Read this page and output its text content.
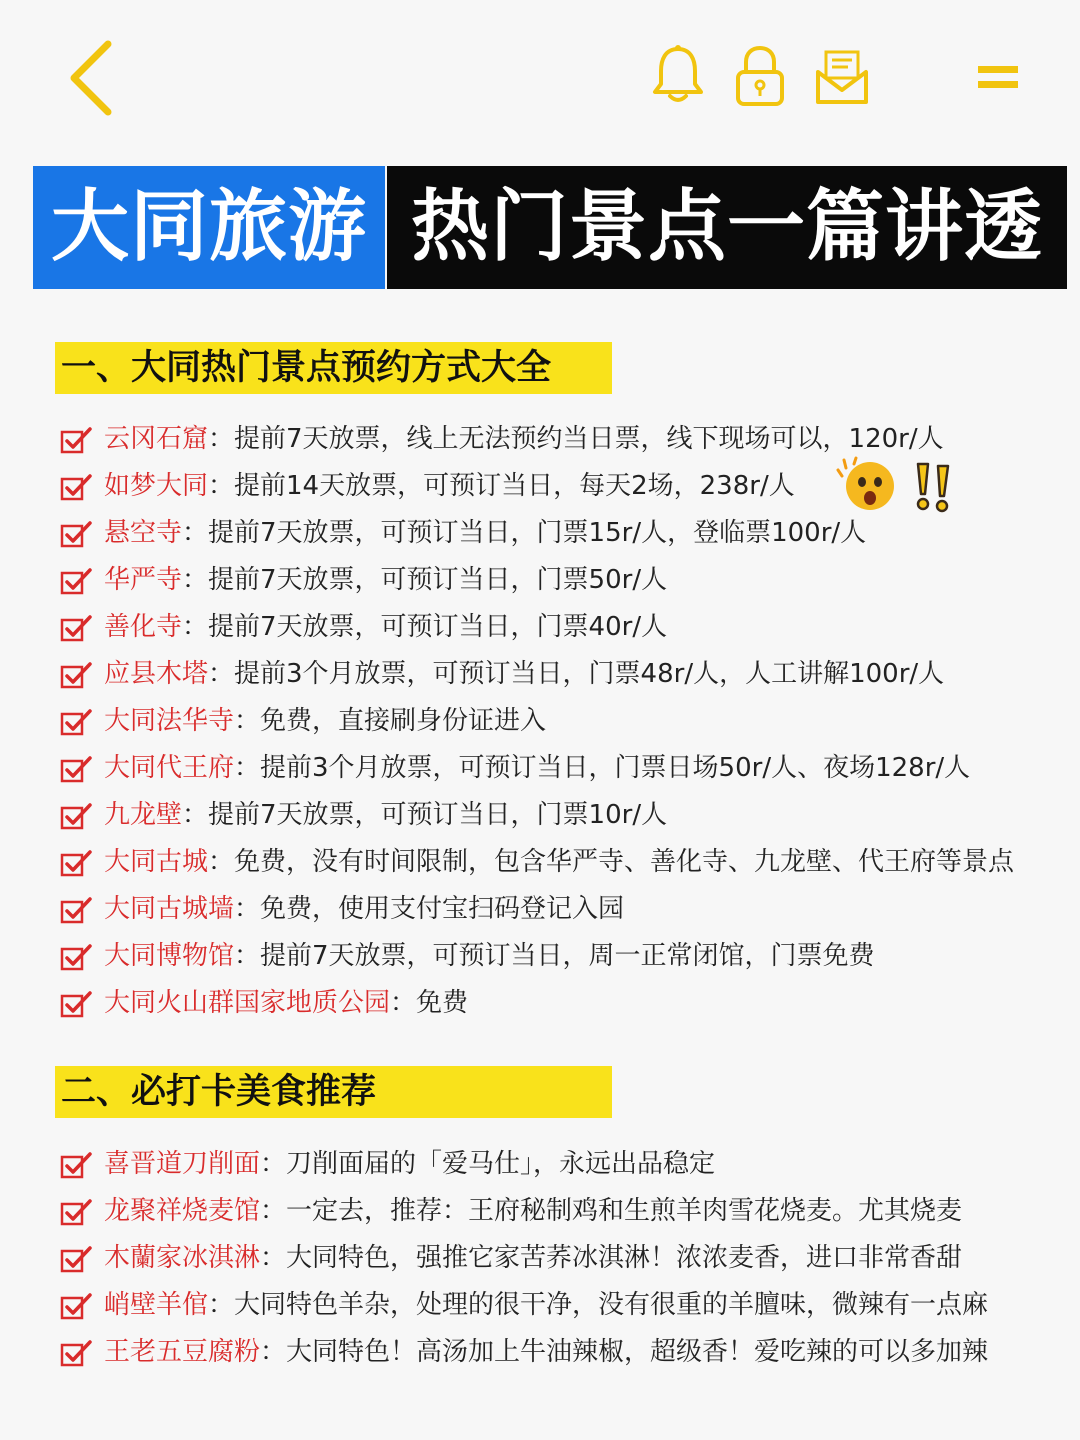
大同旅游 热门景点一篇讲透
一、大同热门景点预约方式大全
云冈石窟：提前7天放票，线上无法预约当日票，线下现场可以，120r/人
如梦大同：提前14天放票，可预订当日，每天2场，238r/人
悬空寺：提前7天放票，可预订当日，门票15r/人，登临票100r/人
华严寺：提前7天放票，可预订当日，门票50r/人
善化寺：提前7天放票，可预订当日，门票40r/人
应县木塔：提前3个月放票，可预订当日，门票48r/人，人工讲解100r/人
大同法华寺：免费，直接刷身份证进入
大同代王府：提前3个月放票，可预订当日，门票日场50r/人、夜场128r/人
九龙壁：提前7天放票，可预订当日，门票10r/人
大同古城：免费，没有时间限制，包含华严寺、善化寺、九龙壁、代王府等景点
大同古城墙：免费，使用支付宝扫码登记入园
大同博物馆：提前7天放票，可预订当日，周一正常闭馆，门票免费
大同火山群国家地质公园：免费
二、必打卡美食推荐
喜晋道刀削面：刀削面届的「爱马仕」，永远出品稳定
龙聚祥烧麦馆：一定去，推荐：王府秘制鸡和生煎羊肉雪花烧麦。尤其烧麦
木蘭家冰淇淋：大同特色，强推它家苦荞冰淇淋！浓浓麦香，进口非常香甜
峭壁羊倌：大同特色羊杂，处理的很干净，没有很重的羊膻味，微辣有一点麻
王老五豆腐粉：大同特色！高汤加上牛油辣椒，超级香！爱吃辣的可以多加辣
